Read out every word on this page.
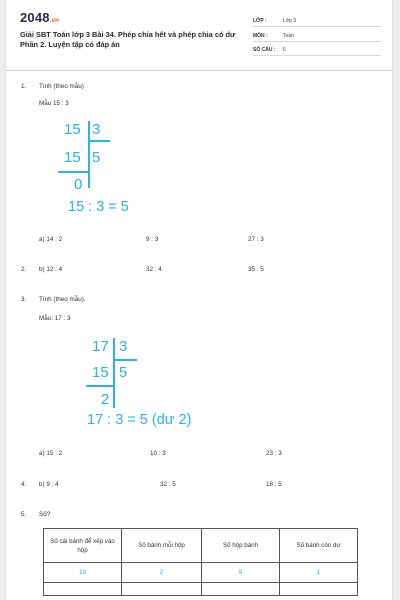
2048.vn
Giải SBT Toán lớp 3 Bài 34. Phép chia hết và phép chia có dư Phần 2. Luyện tập có đáp án
LỚP :	Lớp 3
MÔN :	Toán
SỐ CÂU : 6
1. Tính (theo mẫu)
Mẫu 15 : 3
15 3
15 5
0
15 : 3 = 5
a) 14 : 2	9 : 3	27 : 3
2. b) 12 : 4	32 : 4	35 : 5
3. Tính (theo mẫu).
Mẫu: 17 : 3
17 3
15 5
2
17 : 3 = 5 (dư 2)
a) 15 : 2	10 : 3	23 : 3
4. b) 9 : 4	32 : 5	18 : 5
5. Số?
Số cái bánh để xếp vào hộp	Số bánh mỗi hộp	Số hộp bánh	Số bánh còn dư
19	2	9	1
